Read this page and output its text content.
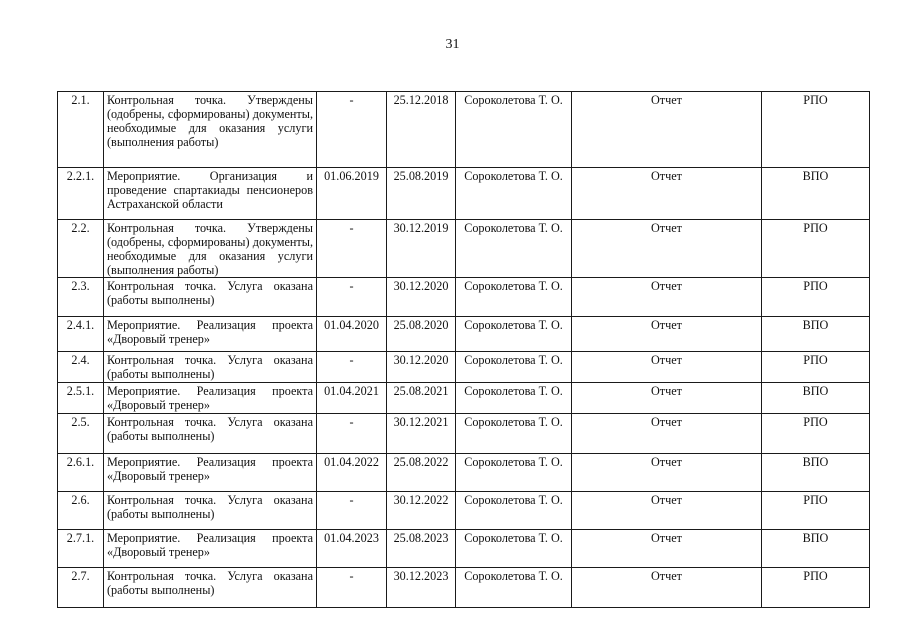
31
2.1.	Контрольная точка. Утверждены (одобрены, сформированы) документы, необходимые для оказания услуги (выполнения работы)	-	25.12.2018	Сороколетова Т. О.	Отчет	РПО
2.2.1.	Мероприятие. Организация и проведение спартакиады пенсионеров Астраханской области	01.06.2019	25.08.2019	Сороколетова Т. О.	Отчет	ВПО
2.2.	Контрольная точка. Утверждены (одобрены, сформированы) документы, необходимые для оказания услуги (выполнения работы)	-	30.12.2019	Сороколетова Т. О.	Отчет	РПО
2.3.	Контрольная точка. Услуга оказана (работы выполнены)	-	30.12.2020	Сороколетова Т. О.	Отчет	РПО
2.4.1.	Мероприятие. Реализация проекта «Дворовый тренер»	01.04.2020	25.08.2020	Сороколетова Т. О.	Отчет	ВПО
2.4.	Контрольная точка. Услуга оказана (работы выполнены)	-	30.12.2020	Сороколетова Т. О.	Отчет	РПО
2.5.1.	Мероприятие. Реализация проекта «Дворовый тренер»	01.04.2021	25.08.2021	Сороколетова Т. О.	Отчет	ВПО
2.5.	Контрольная точка. Услуга оказана (работы выполнены)	-	30.12.2021	Сороколетова Т. О.	Отчет	РПО
2.6.1.	Мероприятие. Реализация проекта «Дворовый тренер»	01.04.2022	25.08.2022	Сороколетова Т. О.	Отчет	ВПО
2.6.	Контрольная точка. Услуга оказана (работы выполнены)	-	30.12.2022	Сороколетова Т. О.	Отчет	РПО
2.7.1.	Мероприятие. Реализация проекта «Дворовый тренер»	01.04.2023	25.08.2023	Сороколетова Т. О.	Отчет	ВПО
2.7.	Контрольная точка. Услуга оказана (работы выполнены)	-	30.12.2023	Сороколетова Т. О.	Отчет	РПО
